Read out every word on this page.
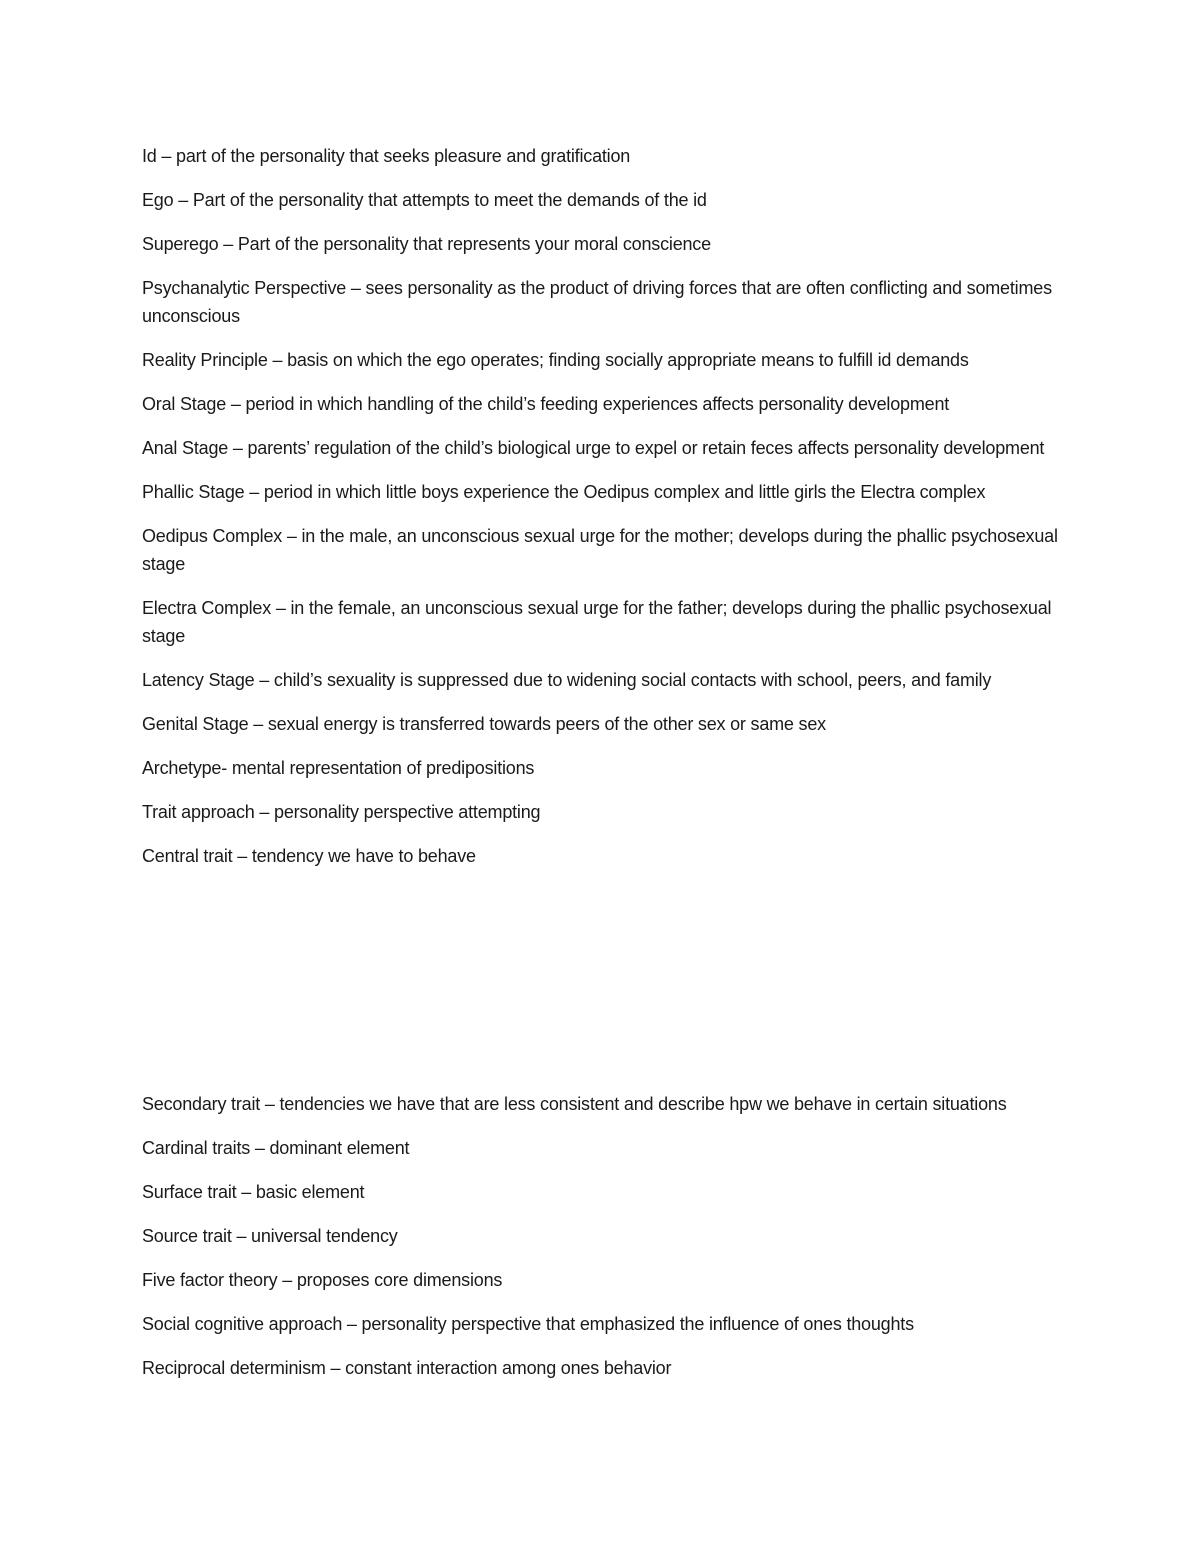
Id – part of the personality that seeks pleasure and gratification

Ego – Part of the personality that attempts to meet the demands of the id

Superego – Part of the personality that represents your moral conscience

Psychanalytic Perspective – sees personality as the product of driving forces that are often conflicting and sometimes unconscious

Reality Principle – basis on which the ego operates; finding socially appropriate means to fulfill id demands

Oral Stage – period in which handling of the child’s feeding experiences affects personality development

Anal Stage – parents’ regulation of the child’s biological urge to expel or retain feces affects personality development

Phallic Stage – period in which little boys experience the Oedipus complex and little girls the Electra complex

Oedipus Complex – in the male, an unconscious sexual urge for the mother; develops during the phallic psychosexual stage

Electra Complex – in the female, an unconscious sexual urge for the father; develops during the phallic psychosexual stage

Latency Stage – child’s sexuality is suppressed due to widening social contacts with school, peers, and family

Genital Stage – sexual energy is transferred towards peers of the other sex or same sex

Archetype- mental representation of predipositions

Trait approach – personality perspective attempting

Central trait – tendency we have to behave

Secondary trait – tendencies we have that are less consistent and describe hpw we behave in certain situations

Cardinal traits – dominant element

Surface trait – basic element

Source trait – universal tendency

Five factor theory – proposes core dimensions

Social cognitive approach – personality perspective that emphasized the influence of ones thoughts

Reciprocal determinism – constant interaction among ones behavior
